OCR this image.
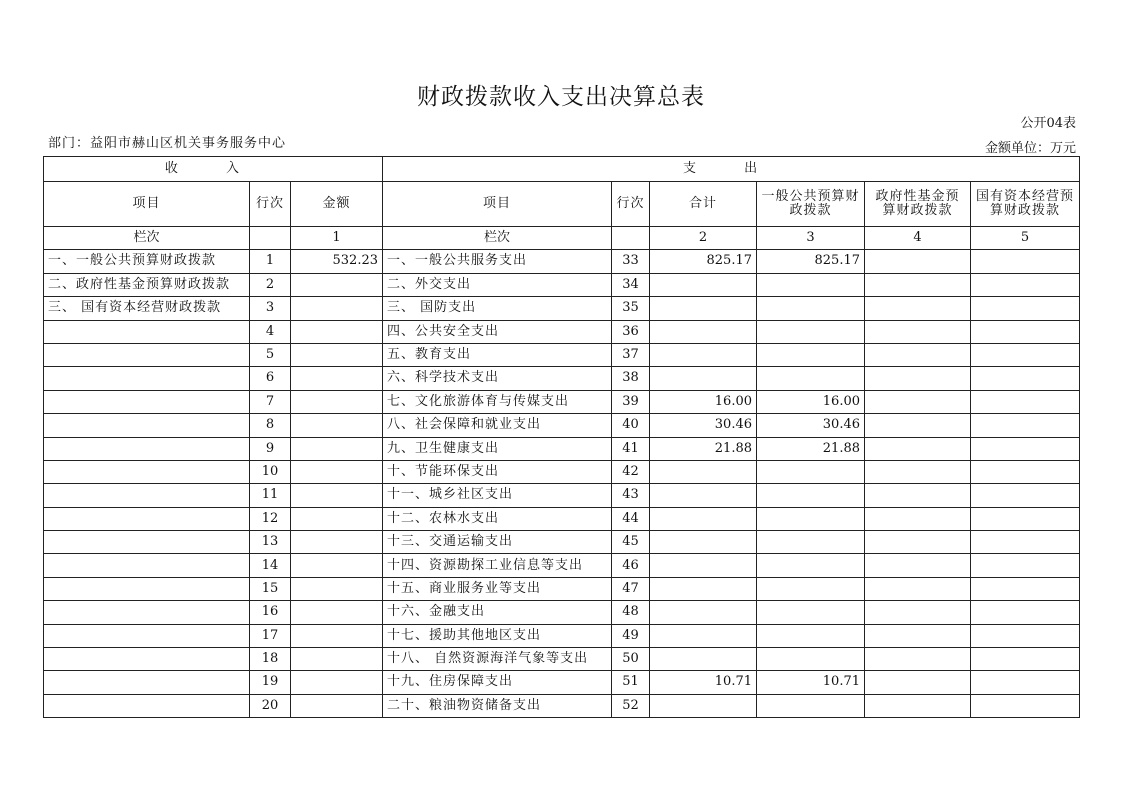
财政拨款收入支出决算总表
公开04表
部门：益阳市赫山区机关事务服务中心	金额单位：万元
收 入			支 出					
项目	行次	金额	项目	行次	合计	一般公共预算财政拨款	政府性基金预算财政拨款	国有资本经营预算财政拨款
栏次		1	栏次		2	3	4	5
一、一般公共预算财政拨款	1	532.23	一、一般公共服务支出	33	825.17	825.17		
二、政府性基金预算财政拨款	2		二、外交支出	34				
三、 国有资本经营财政拨款	3		三、 国防支出	35				
	4		四、公共安全支出	36				
	5		五、教育支出	37				
	6		六、科学技术支出	38				
	7		七、文化旅游体育与传媒支出	39	16.00	16.00		
	8		八、社会保障和就业支出	40	30.46	30.46		
	9		九、卫生健康支出	41	21.88	21.88		
	10		十、节能环保支出	42				
	11		十一、城乡社区支出	43				
	12		十二、农林水支出	44				
	13		十三、交通运输支出	45				
	14		十四、资源勘探工业信息等支出	46				
	15		十五、商业服务业等支出	47				
	16		十六、金融支出	48				
	17		十七、援助其他地区支出	49				
	18		十八、 自然资源海洋气象等支出	50				
	19		十九、住房保障支出	51	10.71	10.71		
	20		二十、粮油物资储备支出	52				
